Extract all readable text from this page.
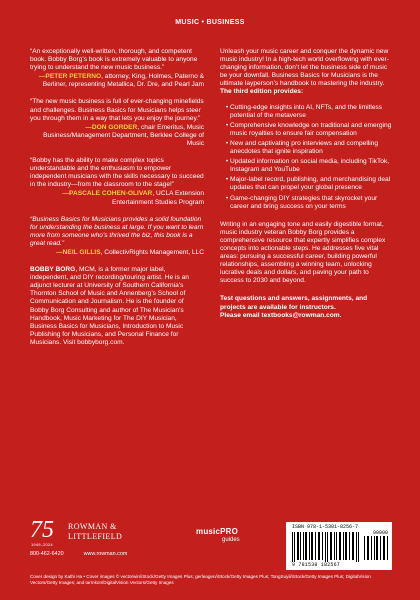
MUSIC • BUSINESS

“An exceptionally well-written, thorough, and competent book. Bobby Borg’s book is extremely valuable to anyone trying to understand the new music business.”

—PETER PETERNO, attorney, King, Holmes, Paterno & Berliner, representing Metallica, Dr. Dre, and Pearl Jam

“The new music business is full of ever-changing minefields and challenges. Business Basics for Musicians helps steer you through them in a way that lets you enjoy the journey.”

—DON GORDER, chair Emeritus, Music Business/Management Department, Berklee College of Music

“Bobby has the ability to make complex topics understandable and the enthusiasm to empower independent musicians with the skills necessary to succeed in the industry—from the classroom to the stage!”

—PASCALE COHEN-OLIVAR, UCLA Extension Entertainment Studies Program

“Business Basics for Musicians provides a solid foundation for understanding the business at large. If you want to learn more from someone who’s thrived the biz, this book is a great read.”

—NEIL GILLIS, CollectivRights Management, LLC

BOBBY BORG, MCM, is a former major label, independent, and DIY recording/touring artist. He is an adjunct lecturer at University of Southern California’s Thornton School of Music and Annenberg’s School of Communication and Journalism. He is the founder of Bobby Borg Consulting and author of The Musician’s Handbook, Music Marketing for The DIY Musician, Business Basics for Musicians, Introduction to Music Publishing for Musicians, and Personal Finance for Musicians. Visit bobbyborg.com.

Unleash your music career and conquer the dynamic new music industry! In a high-tech world overflowing with ever-changing information, don’t let the business side of music be your downfall. Business Basics for Musicians is the ultimate layperson’s handbook to mastering the industry. The third edition provides:

• Cutting-edge insights into AI, NFTs, and the limitless potential of the metaverse
• Comprehensive knowledge on traditional and emerging music royalties to ensure fair compensation
• New and captivating pro interviews and compelling anecdotes that ignite inspiration
• Updated information on social media, including TikTok, Instagram and YouTube
• Major-label record, publishing, and merchandising deal updates that can propel your global presence
• Game-changing DIY strategies that skyrocket your career and bring success on your terms

Writing in an engaging tone and easily digestible format, music industry veteran Bobby Borg provides a comprehensive resource that expertly simplifies complex concepts into actionable steps. He addresses five vital areas: pursuing a successful career, building powerful relationships, assembling a winning team, unlocking lucrative deals and dollars, and paving your path to success to 2030 and beyond.

Test questions and answers, assignments, and projects are available for instructors.
Please email textbooks@rowman.com.

75
1949–2024
ROWMAN &
LITTLEFIELD
800-462-6420	www.rowman.com
musicPRO
guides
ISBN 978-1-5381-8256-7
90000
9 781538 182567
Cover design by Kathi Ha • Cover images © vectorwin/iStock/Getty Images Plus; gerleagen/iStock/Getty Images Plus; TongSuyil/iStock/Getty Images Plus; DigitalVision Vectors/Getty Images; and Iarmkon/DigitalVision Vectors/Getty Images
